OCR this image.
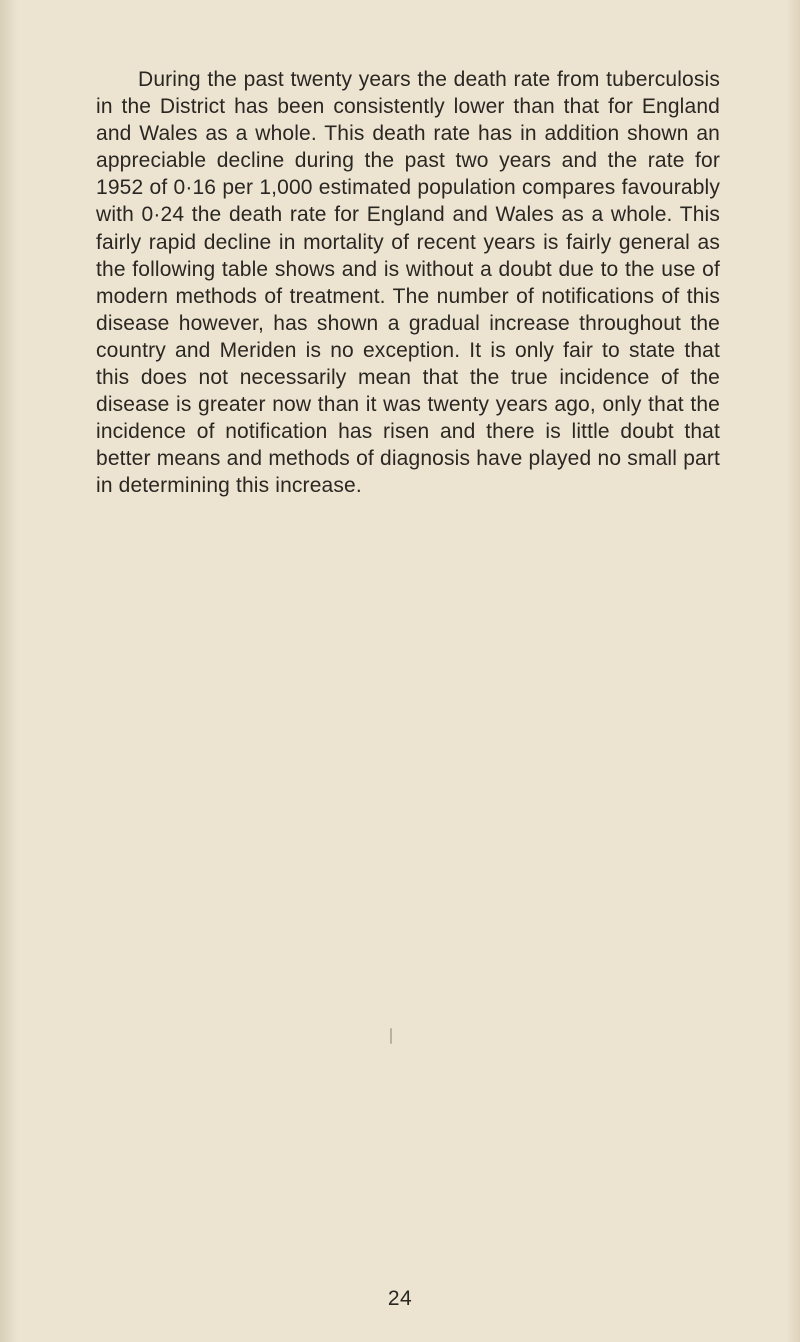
During the past twenty years the death rate from tuberculosis in the District has been consistently lower than that for England and Wales as a whole. This death rate has in addition shown an appreciable decline during the past two years and the rate for 1952 of 0·16 per 1,000 estimated population compares favourably with 0·24 the death rate for England and Wales as a whole. This fairly rapid decline in mortality of recent years is fairly general as the following table shows and is without a doubt due to the use of modern methods of treatment. The number of notifications of this disease however, has shown a gradual increase throughout the country and Meriden is no exception. It is only fair to state that this does not necessarily mean that the true incidence of the disease is greater now than it was twenty years ago, only that the incidence of notification has risen and there is little doubt that better means and methods of diagnosis have played no small part in determining this increase.

24
